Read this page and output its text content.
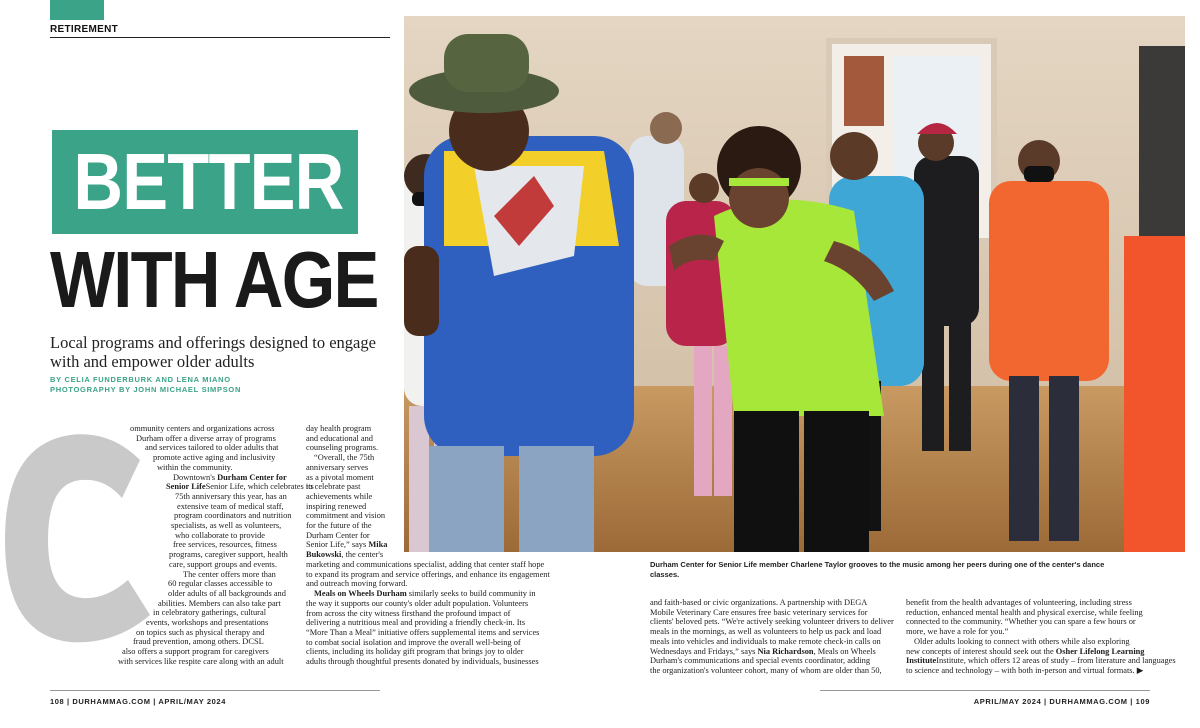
RETIREMENT
BETTER
WITH AGE
Local programs and offerings designed to engage with and empower older adults
BY CELIA FUNDERBURK AND LENA MIANO
PHOTOGRAPHY BY JOHN MICHAEL SIMPSON
Durham Center for Senior Life member Charlene Taylor grooves to the music among her peers during one of the center's dance classes.
ommunity centers and organizations across
Durham offer a diverse array of programs
and services tailored to older adults that
promote active aging and inclusivity
within the community.
Downtown's Durham Center for
Senior LifeSenior Life, which celebrates its
75th anniversary this year, has an
extensive team of medical staff,
program coordinators and nutrition
specialists, as well as volunteers,
who collaborate to provide
free services, resources, fitness
programs, caregiver support, health
care, support groups and events.
The center offers more than
60 regular classes accessible to
older adults of all backgrounds and
abilities. Members can also take part
in celebratory gatherings, cultural
events, workshops and presentations
on topics such as physical therapy and
fraud prevention, among others. DCSL
also offers a support program for caregivers
with services like respite care along with an adult
day health program
and educational and
counseling programs.
“Overall, the 75th
anniversary serves
as a pivotal moment
to celebrate past
achievements while
inspiring renewed
commitment and vision
for the future of the
Durham Center for
Senior Life,” says Mika
Bukowski, the center's
marketing and communications specialist, adding that center staff hope
to expand its program and service offerings, and enhance its engagement
and outreach moving forward.
Meals on Wheels Durham similarly seeks to build community in
the way it supports our county's older adult population. Volunteers
from across the city witness firsthand the profound impact of
delivering a nutritious meal and providing a friendly check-in. Its
“More Than a Meal” initiative offers supplemental items and services
to combat social isolation and improve the overall well-being of
clients, including its holiday gift program that brings joy to older
adults through thoughtful presents donated by individuals, businesses
and faith-based or civic organizations. A partnership with DEGA
Mobile Veterinary Care ensures free basic veterinary services for
clients' beloved pets. “We're actively seeking volunteer drivers to deliver
meals in the mornings, as well as volunteers to help us pack and load
meals into vehicles and individuals to make remote check-in calls on
Wednesdays and Fridays,” says Nia Richardson, Meals on Wheels
Durham's communications and special events coordinator, adding
the organization's volunteer cohort, many of whom are older than 50,
benefit from the health advantages of volunteering, including stress
reduction, enhanced mental health and physical exercise, while feeling
connected to the community. “Whether you can spare a few hours or
more, we have a role for you.”
Older adults looking to connect with others while also exploring
new concepts of interest should seek out the Osher Lifelong Learning
InstituteInstitute, which offers 12 areas of study – from literature and languages
to science and technology – with both in-person and virtual formats. ▶
108 | DURHAMMAG.COM | APRIL/MAY 2024	APRIL/MAY 2024 | DURHAMMAG.COM | 109
